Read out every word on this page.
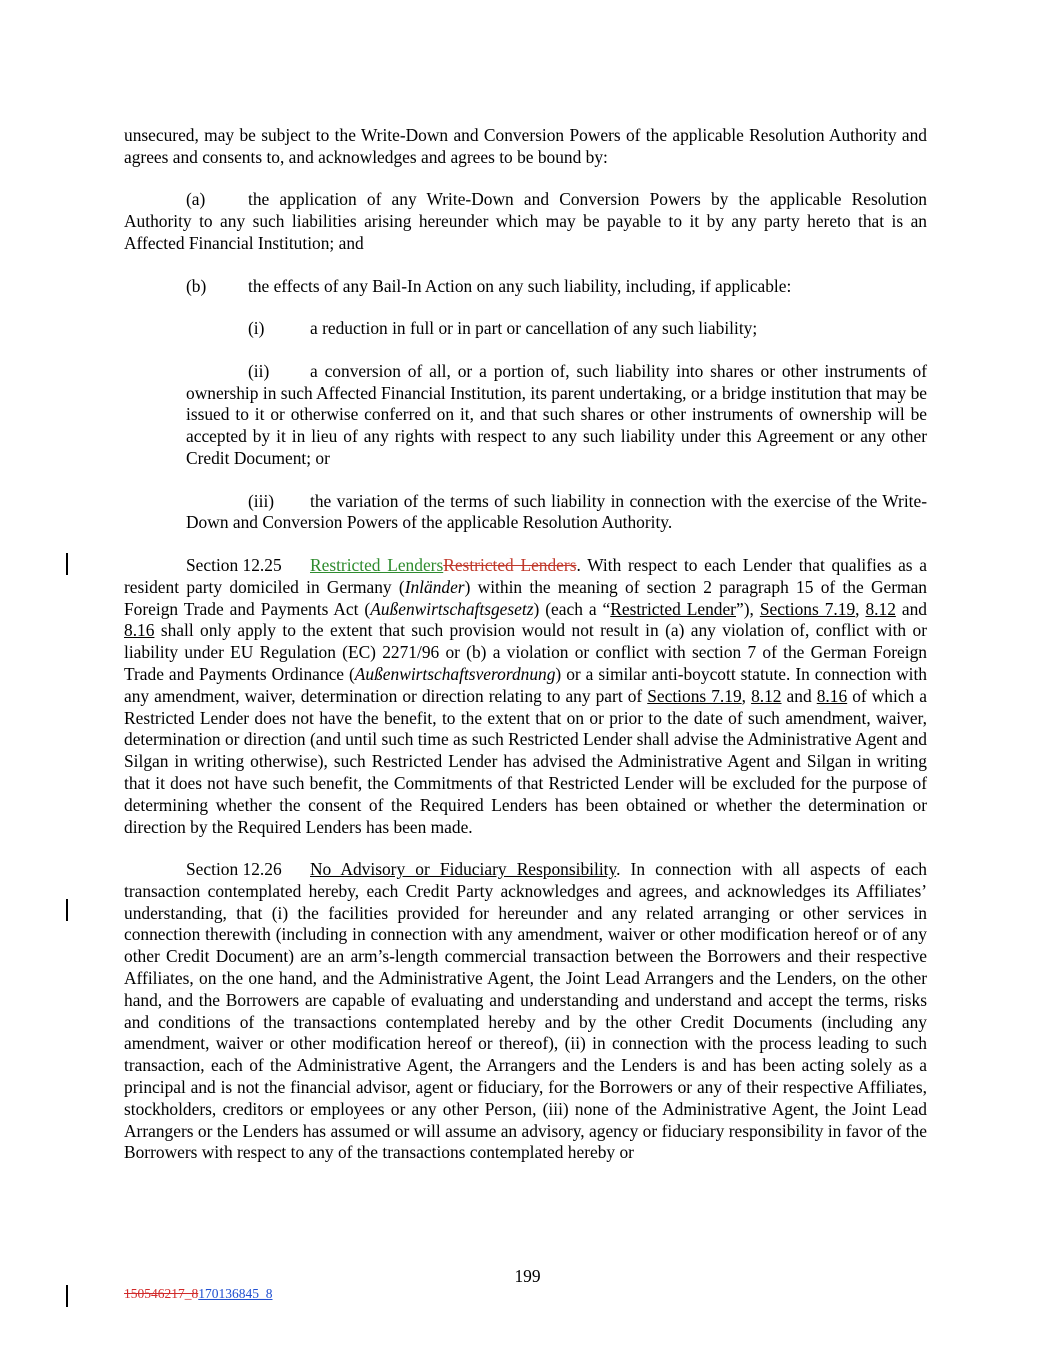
unsecured, may be subject to the Write-Down and Conversion Powers of the applicable Resolution Authority and agrees and consents to, and acknowledges and agrees to be bound by:

(a) the application of any Write-Down and Conversion Powers by the applicable Resolution Authority to any such liabilities arising hereunder which may be payable to it by any party hereto that is an Affected Financial Institution; and

(b) the effects of any Bail-In Action on any such liability, including, if applicable:

(i)	a reduction in full or in part or cancellation of any such liability;

(ii) a conversion of all, or a portion of, such liability into shares or other instruments of ownership in such Affected Financial Institution, its parent undertaking, or a bridge institution that may be issued to it or otherwise conferred on it, and that such shares or other instruments of ownership will be accepted by it in lieu of any rights with respect to any such liability under this Agreement or any other Credit Document; or

(iii) the variation of the terms of such liability in connection with the exercise of the Write-Down and Conversion Powers of the applicable Resolution Authority.

Section 12.25 Restricted LendersRestricted Lenders. With respect to each Lender that qualifies as a resident party domiciled in Germany (Inländer) within the meaning of section 2 paragraph 15 of the German Foreign Trade and Payments Act (Außenwirtschaftsgesetz) (each a “Restricted Lender”), Sections 7.19, 8.12 and 8.16 shall only apply to the extent that such provision would not result in (a) any violation of, conflict with or liability under EU Regulation (EC) 2271/96 or (b) a violation or conflict with section 7 of the German Foreign Trade and Payments Ordinance (Außenwirtschaftsverordnung) or a similar anti-boycott statute. In connection with any amendment, waiver, determination or direction relating to any part of Sections 7.19, 8.12 and 8.16 of which a Restricted Lender does not have the benefit, to the extent that on or prior to the date of such amendment, waiver, determination or direction (and until such time as such Restricted Lender shall advise the Administrative Agent and Silgan in writing otherwise), such Restricted Lender has advised the Administrative Agent and Silgan in writing that it does not have such benefit, the Commitments of that Restricted Lender will be excluded for the purpose of determining whether the consent of the Required Lenders has been obtained or whether the determination or direction by the Required Lenders has been made.

Section 12.26 No Advisory or Fiduciary Responsibility. In connection with all aspects of each transaction contemplated hereby, each Credit Party acknowledges and agrees, and acknowledges its Affiliates’ understanding, that (i) the facilities provided for hereunder and any related arranging or other services in connection therewith (including in connection with any amendment, waiver or other modification hereof or of any other Credit Document) are an arm’s-length commercial transaction between the Borrowers and their respective Affiliates, on the one hand, and the Administrative Agent, the Joint Lead Arrangers and the Lenders, on the other hand, and the Borrowers are capable of evaluating and understanding and understand and accept the terms, risks and conditions of the transactions contemplated hereby and by the other Credit Documents (including any amendment, waiver or other modification hereof or thereof), (ii) in connection with the process leading to such transaction, each of the Administrative Agent, the Arrangers and the Lenders is and has been acting solely as a principal and is not the financial advisor, agent or fiduciary, for the Borrowers or any of their respective Affiliates, stockholders, creditors or employees or any other Person, (iii) none of the Administrative Agent, the Joint Lead Arrangers or the Lenders has assumed or will assume an advisory, agency or fiduciary responsibility in favor of the Borrowers with respect to any of the transactions contemplated hereby or

199
150546217_8170136845_8
